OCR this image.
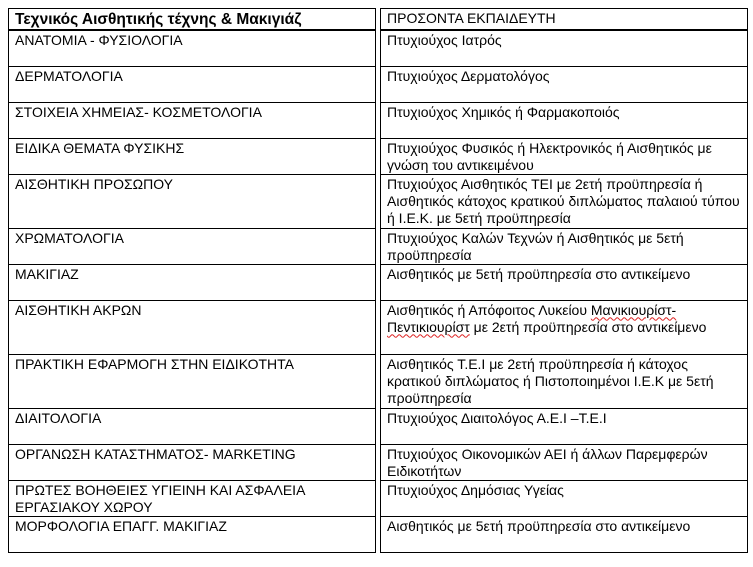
Τεχνικός Αισθητικής τέχνης & Μακιγιάζ		ΠΡΟΣΟΝΤΑ ΕΚΠΑΙΔΕΥΤΗ
ΑΝΑΤΟΜΙΑ - ΦΥΣΙΟΛΟΓΙΑ		Πτυχιούχος Ιατρός
ΔΕΡΜΑΤΟΛΟΓΙΑ		Πτυχιούχος Δερματολόγος
ΣΤΟΙΧΕΙΑ ΧΗΜΕΙΑΣ- ΚΟΣΜΕΤΟΛΟΓΙΑ		Πτυχιούχος Χημικός ή Φαρμακοποιός
ΕΙΔΙΚΑ ΘΕΜΑΤΑ ΦΥΣΙΚΗΣ		Πτυχιούχος Φυσικός ή Ηλεκτρονικός ή Αισθητικός με γνώση του αντικειμένου
ΑΙΣΘΗΤΙΚΗ ΠΡΟΣΩΠΟΥ		Πτυχιούχος Αισθητικός ΤΕΙ με 2ετή προϋπηρεσία ή Αισθητικός κάτοχος κρατικού διπλώματος παλαιού τύπου ή Ι.Ε.Κ. με 5ετή προϋπηρεσία
ΧΡΩΜΑΤΟΛΟΓΙΑ		Πτυχιούχος Καλών Τεχνών ή Αισθητικός με 5ετή προϋπηρεσία
ΜΑΚΙΓΙΑΖ		Αισθητικός με 5ετή προϋπηρεσία στο αντικείμενο
ΑΙΣΘΗΤΙΚΗ ΑΚΡΩΝ		Αισθητικός ή Απόφοιτος Λυκείου Μανικιουρίστ-Πεντικιουρίστ με 2ετή προϋπηρεσία στο αντικείμενο
ΠΡΑΚΤΙΚΗ ΕΦΑΡΜΟΓΗ ΣΤΗΝ ΕΙΔΙΚΟΤΗΤΑ		Αισθητικός Τ.Ε.Ι με 2ετή προϋπηρεσία ή κάτοχος κρατικού διπλώματος ή Πιστοποιημένοι Ι.Ε.Κ με 5ετή προϋπηρεσία
ΔΙΑΙΤΟΛΟΓΙΑ		Πτυχιούχος Διαιτολόγος Α.Ε.Ι –Τ.Ε.Ι
ΟΡΓΑΝΩΣΗ ΚΑΤΑΣΤΗΜΑΤΟΣ- MARKETING		Πτυχιούχος Οικονομικών ΑΕΙ ή άλλων Παρεμφερών Ειδικοτήτων
ΠΡΩΤΕΣ ΒΟΗΘΕΙΕΣ ΥΓΙΕΙΝΗ ΚΑΙ ΑΣΦΑΛΕΙΑ ΕΡΓΑΣΙΑΚΟΥ ΧΩΡΟΥ		Πτυχιούχος Δημόσιας Υγείας
ΜΟΡΦΟΛΟΓΙΑ ΕΠΑΓΓ. ΜΑΚΙΓΙΑΖ		Αισθητικός με 5ετή προϋπηρεσία στο αντικείμενο
